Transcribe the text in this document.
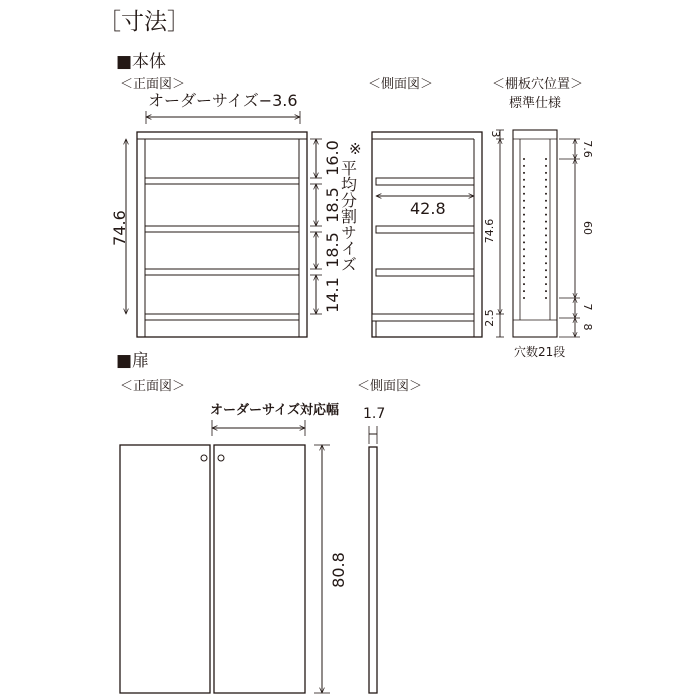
［寸法］
■本体
＜正面図＞	＜側面図＞	＜棚板穴位置＞
標準仕様
オーダーサイズ−3.6
74.6
16.0
18.5
18.5
14.1
※
平均分割サイズ	42.8
3
74.6
2.5
7.6
60
7
8
穴数21段
■扉
＜正面図＞	＜側面図＞
オーダーサイズ対応幅
80.8
1.7
